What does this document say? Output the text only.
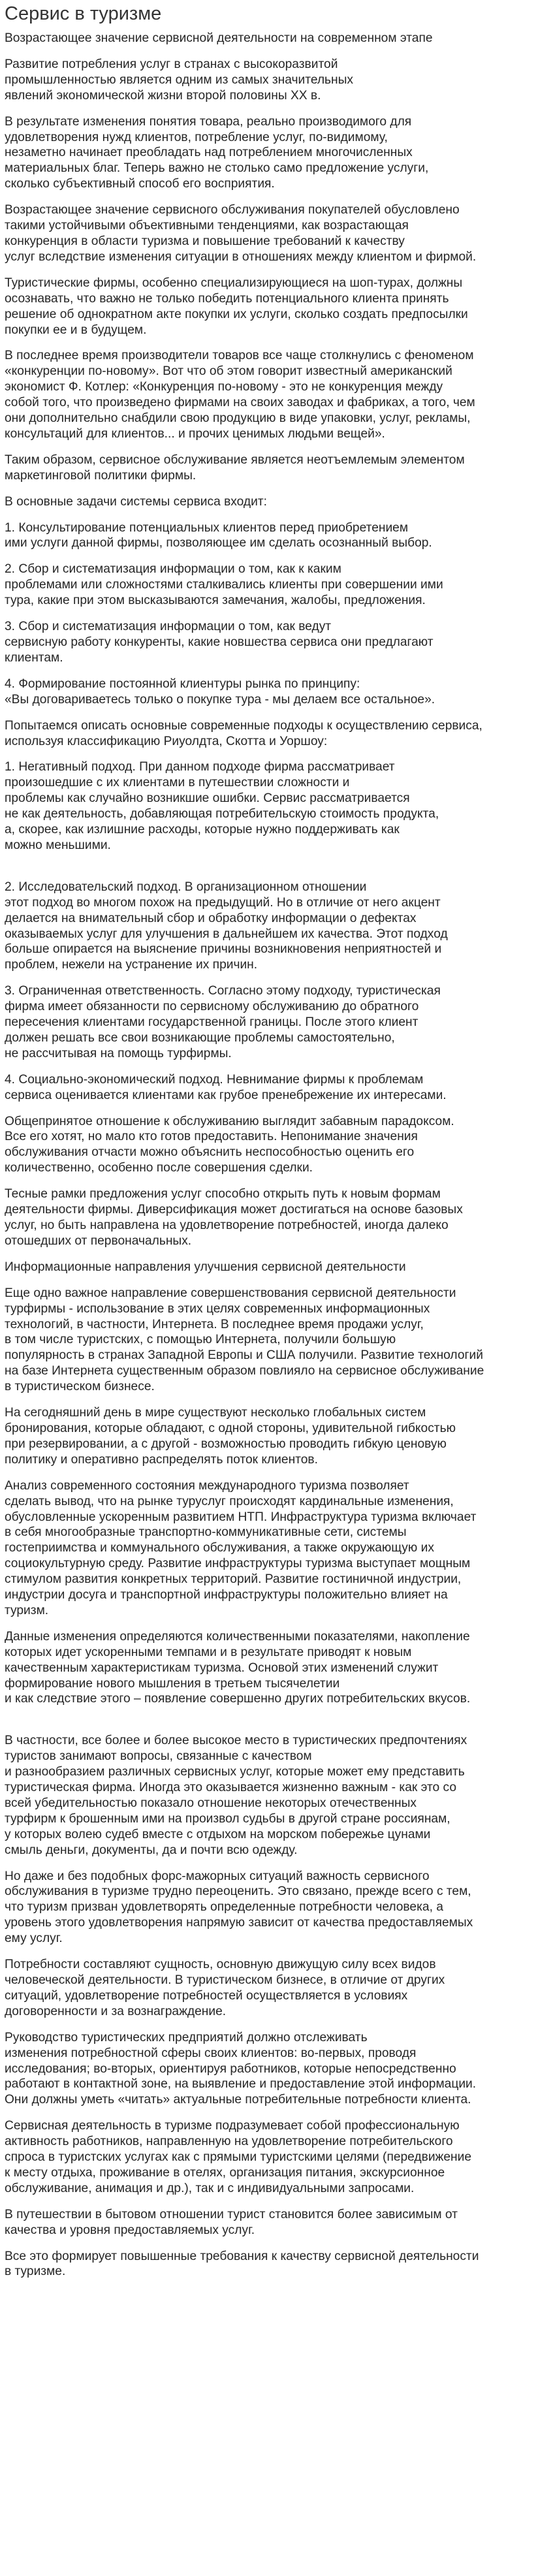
Сервис в туризме

Возрастающее значение сервисной деятельности на современном этапе

Развитие потребления услуг в странах с высокоразвитой
промышленностью является одним из самых значительных
явлений экономической жизни второй половины XX в.

В результате изменения понятия товара, реально производимого для
удовлетворения нужд клиентов, потребление услуг, по-видимому,
незаметно начинает преобладать над потреблением многочисленных
материальных благ. Теперь важно не столько само предложение услуги,
сколько субъективный способ его восприятия.

Возрастающее значение сервисного обслуживания покупателей обусловлено
такими устойчивыми объективными тенденциями, как возрастающая
конкуренция в области туризма и повышение требований к качеству
услуг вследствие изменения ситуации в отношениях между клиентом и фирмой.

Туристические фирмы, особенно специализирующиеся на шоп-турах, должны
осознавать, что важно не только победить потенциального клиента принять
решение об однократном акте покупки их услуги, сколько создать предпосылки
покупки ее и в будущем.

В последнее время производители товаров все чаще столкнулись с феноменом
«конкуренции по-новому». Вот что об этом говорит известный американский
экономист Ф. Котлер: «Конкуренция по-новому - это не конкуренция между
собой того, что произведено фирмами на своих заводах и фабриках, а того, чем
они дополнительно снабдили свою продукцию в виде упаковки, услуг, рекламы,
консультаций для клиентов... и прочих ценимых людьми вещей».

Таким образом, сервисное обслуживание является неотъемлемым элементом
маркетинговой политики фирмы.

В основные задачи системы сервиса входит:

1. Консультирование потенциальных клиентов перед приобретением
ими услуги данной фирмы, позволяющее им сделать осознанный выбор.

2. Сбор и систематизация информации о том, как к каким
проблемами или сложностями сталкивались клиенты при совершении ими
тура, какие при этом высказываются замечания, жалобы, предложения.

3. Сбор и систематизация информации о том, как ведут
сервисную работу конкуренты, какие новшества сервиса они предлагают
клиентам.

4. Формирование постоянной клиентуры рынка по принципу:
«Вы договариваетесь только о покупке тура - мы делаем все остальное».

Попытаемся описать основные современные подходы к осуществлению сервиса,
используя классификацию Риуолдта, Скотта и Уоршоу:

1. Негативный подход. При данном подходе фирма рассматривает
произошедшие с их клиентами в путешествии сложности и
проблемы как случайно возникшие ошибки. Сервис рассматривается
не как деятельность, добавляющая потребительскую стоимость продукта,
а, скорее, как излишние расходы, которые нужно поддерживать как
можно меньшими.

2. Исследовательский подход. В организационном отношении
этот подход во многом похож на предыдущий. Но в отличие от него акцент
делается на внимательный сбор и обработку информации о дефектах
оказываемых услуг для улучшения в дальнейшем их качества. Этот подход
больше опирается на выяснение причины возникновения неприятностей и
проблем, нежели на устранение их причин.

3. Ограниченная ответственность. Согласно этому подходу, туристическая
фирма имеет обязанности по сервисному обслуживанию до обратного
пересечения клиентами государственной границы. После этого клиент
должен решать все свои возникающие проблемы самостоятельно,
не рассчитывая на помощь турфирмы.

4. Социально-экономический подход. Невнимание фирмы к проблемам
сервиса оценивается клиентами как грубое пренебрежение их интересами.

Общепринятое отношение к обслуживанию выглядит забавным парадоксом.
Все его хотят, но мало кто готов предоставить. Непонимание значения
обслуживания отчасти можно объяснить неспособностью оценить его
количественно, особенно после совершения сделки.

Тесные рамки предложения услуг способно открыть путь к новым формам
деятельности фирмы. Диверсификация может достигаться на основе базовых
услуг, но быть направлена на удовлетворение потребностей, иногда далеко
отошедших от первоначальных.

Информационные направления улучшения сервисной деятельности

Еще одно важное направление совершенствования сервисной деятельности
турфирмы - использование в этих целях современных информационных
технологий, в частности, Интернета. В последнее время продажи услуг,
в том числе туристских, с помощью Интернета, получили большую
популярность в странах Западной Европы и США получили. Развитие технологий
на базе Интернета существенным образом повлияло на сервисное обслуживание
в туристическом бизнесе.

На сегодняшний день в мире существуют несколько глобальных систем
бронирования, которые обладают, с одной стороны, удивительной гибкостью
при резервировании, а с другой - возможностью проводить гибкую ценовую
политику и оперативно распределять поток клиентов.

Анализ современного состояния международного туризма позволяет
сделать вывод, что на рынке туруслуг происходят кардинальные изменения,
обусловленные ускоренным развитием НТП. Инфраструктура туризма включает
в себя многообразные транспортно-коммуникативные сети, системы
гостеприимства и коммунального обслуживания, а также окружающую их
социокультурную среду. Развитие инфраструктуры туризма выступает мощным
стимулом развития конкретных территорий. Развитие гостиничной индустрии,
индустрии досуга и транспортной инфраструктуры положительно влияет на
туризм.

Данные изменения определяются количественными показателями, накопление
которых идет ускоренными темпами и в результате приводят к новым
качественным характеристикам туризма. Основой этих изменений служит
формирование нового мышления в третьем тысячелетии
и как следствие этого – появление совершенно других потребительских вкусов.

В частности, все более и более высокое место в туристических предпочтениях
туристов занимают вопросы, связанные с качеством
и разнообразием различных сервисных услуг, которые может ему представить
туристическая фирма. Иногда это оказывается жизненно важным - как это со
всей убедительностью показало отношение некоторых отечественных
турфирм к брошенным ими на произвол судьбы в другой стране россиянам,
у которых волею судеб вместе с отдыхом на морском побережье цунами
смыль деньги, документы, да и почти всю одежду.

Но даже и без подобных форс-мажорных ситуаций важность сервисного
обслуживания в туризме трудно переоценить. Это связано, прежде всего с тем,
что туризм призван удовлетворять определенные потребности человека, а
уровень этого удовлетворения напрямую зависит от качества предоставляемых
ему услуг.

Потребности составляют сущность, основную движущую силу всех видов
человеческой деятельности. В туристическом бизнесе, в отличие от других
ситуаций, удовлетворение потребностей осуществляется в условиях
договоренности и за вознаграждение.

Руководство туристических предприятий должно отслеживать
изменения потребностной сферы своих клиентов: во-первых, проводя
исследования; во-вторых, ориентируя работников, которые непосредственно
работают в контактной зоне, на выявление и предоставление этой информации.
Они должны уметь «читать» актуальные потребительные потребности клиента.

Сервисная деятельность в туризме подразумевает собой профессиональную
активность работников, направленную на удовлетворение потребительского
спроса в туристских услугах как с прямыми туристскими целями (передвижение
к месту отдыха, проживание в отелях, организация питания, экскурсионное
обслуживание, анимация и др.), так и с индивидуальными запросами.

В путешествии в бытовом отношении турист становится более зависимым от
качества и уровня предоставляемых услуг.

Все это формирует повышенные требования к качеству сервисной деятельности
в туризме.
